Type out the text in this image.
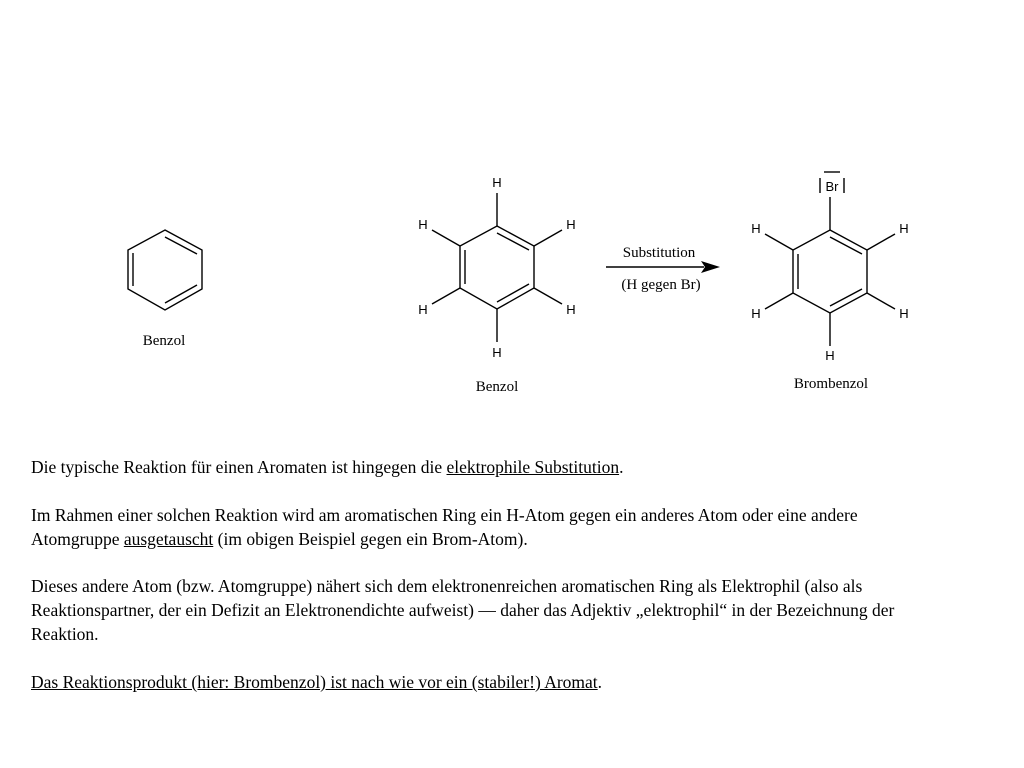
H
H
H
H
H
H
Br
H
H
H
H
H
Benzol
Benzol	Brombenzol
Substitution
(H gegen Br)

Die typische Reaktion für einen Aromaten ist hingegen die elektrophile Substitution.

Im Rahmen einer solchen Reaktion wird am aromatischen Ring ein H-Atom gegen ein anderes Atom oder eine andere
Atomgruppe ausgetauscht (im obigen Beispiel gegen ein Brom-Atom).

Dieses andere Atom (bzw. Atomgruppe) nähert sich dem elektronenreichen aromatischen Ring als Elektrophil (also als
Reaktionspartner, der ein Defizit an Elektronendichte aufweist) — daher das Adjektiv „elektrophil“ in der Bezeichnung der
Reaktion.

Das Reaktionsprodukt (hier: Brombenzol) ist nach wie vor ein (stabiler!) Aromat.
